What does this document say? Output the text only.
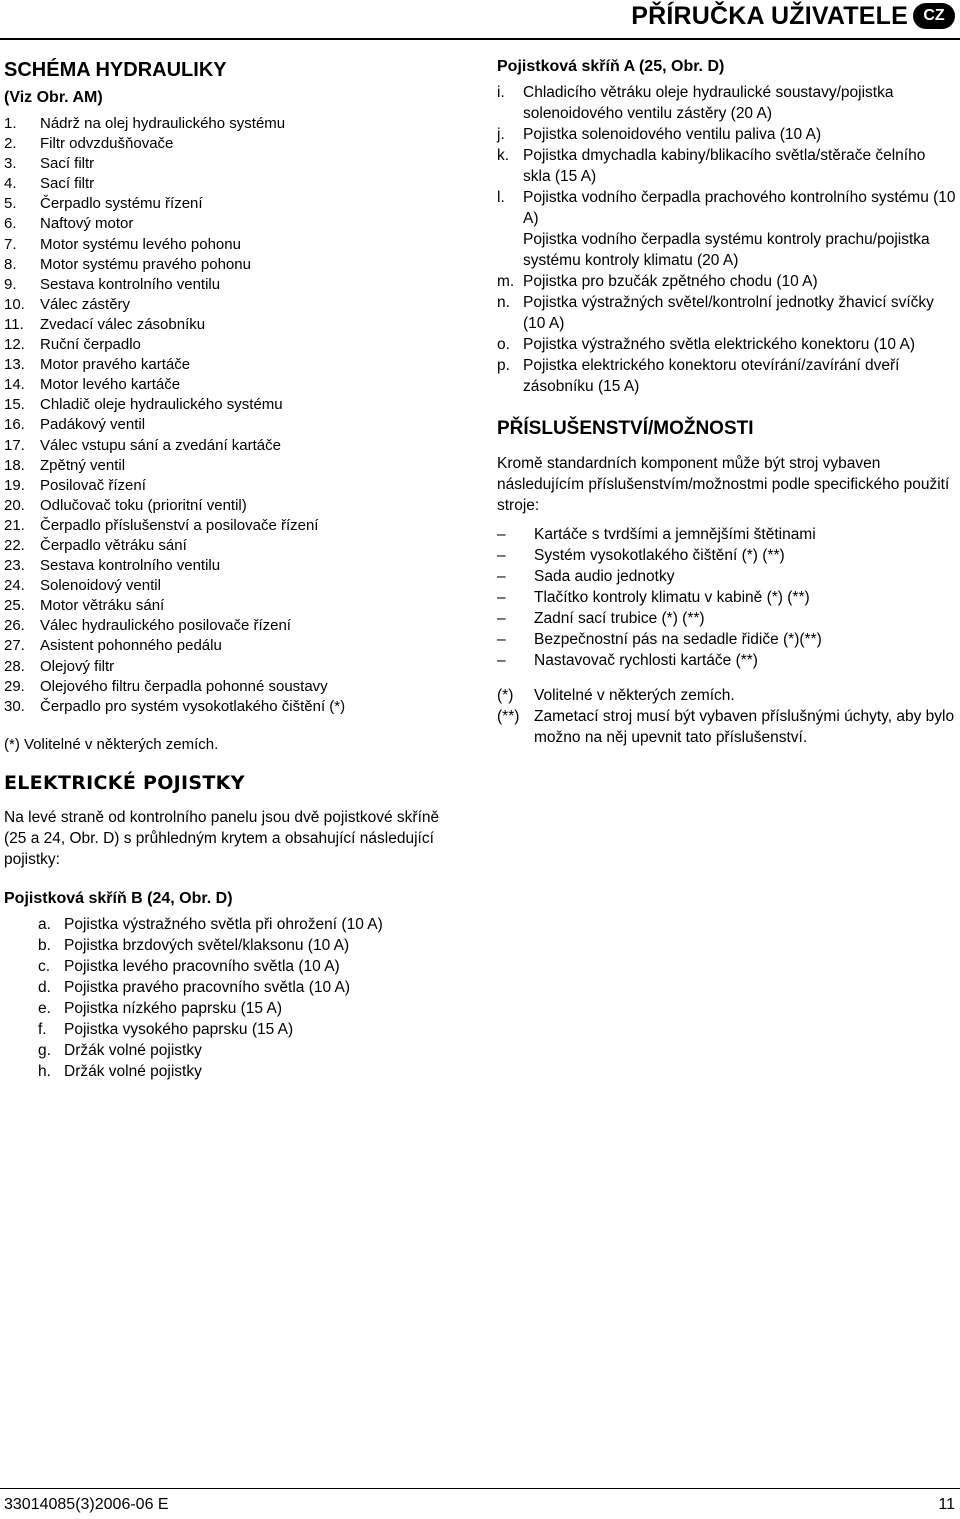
PŘÍRUČKA UŽIVATELE CZ
SCHÉMA HYDRAULIKY
(Viz Obr. AM)
1.	Nádrž na olej hydraulického systému
2.	Filtr odvzdušňovače
3.	Sací filtr
4.	Sací filtr
5.	Čerpadlo systému řízení
6.	Naftový motor
7.	Motor systému levého pohonu
8.	Motor systému pravého pohonu
9.	Sestava kontrolního ventilu
10.	Válec zástěry
11.	Zvedací válec zásobníku
12.	Ruční čerpadlo
13.	Motor pravého kartáče
14.	Motor levého kartáče
15.	Chladič oleje hydraulického systému
16.	Padákový ventil
17.	Válec vstupu sání a zvedání kartáče
18.	Zpětný ventil
19.	Posilovač řízení
20.	Odlučovač toku (prioritní ventil)
21.	Čerpadlo příslušenství a posilovače řízení
22.	Čerpadlo větráku sání
23.	Sestava kontrolního ventilu
24.	Solenoidový ventil
25.	Motor větráku sání
26.	Válec hydraulického posilovače řízení
27.	Asistent pohonného pedálu
28.	Olejový filtr
29.	Olejového filtru čerpadla pohonné soustavy
30.	Čerpadlo pro systém vysokotlakého čištění (*)

(*) Volitelné v některých zemích.

ELEKTRICKÉ POJISTKY

Na levé straně od kontrolního panelu jsou dvě pojistkové skříně (25 a 24, Obr. D) s průhledným krytem a obsahující následující pojistky:

Pojistková skříň B (24, Obr. D)
a. Pojistka výstražného světla při ohrožení (10 A)
b. Pojistka brzdových světel/klaksonu (10 A)
c. Pojistka levého pracovního světla (10 A)
d. Pojistka pravého pracovního světla (10 A)
e. Pojistka nízkého paprsku (15 A)
f.	Pojistka vysokého paprsku (15 A)
g. Držák volné pojistky
h. Držák volné pojistky
Pojistková skříň A (25, Obr. D)
i.	Chladicího větráku oleje hydraulické soustavy/pojistka solenoidového ventilu zástěry (20 A)
j.	Pojistka solenoidového ventilu paliva (10 A)
k. Pojistka dmychadla kabiny/blikacího světla/stěrače čelního skla (15 A)
l.	Pojistka vodního čerpadla prachového kontrolního systému (10 A)
Pojistka vodního čerpadla systému kontroly prachu/pojistka systému kontroly klimatu (20 A)
m. Pojistka pro bzučák zpětného chodu (10 A)
n. Pojistka výstražných světel/kontrolní jednotky žhavicí svíčky (10 A)
o. Pojistka výstražného světla elektrického konektoru (10 A)
p. Pojistka elektrického konektoru otevírání/zavírání dveří zásobníku (15 A)
PŘÍSLUŠENSTVÍ/MOŽNOSTI

Kromě standardních komponent může být stroj vybaven následujícím příslušenstvím/možnostmi podle specifického použití stroje:

–	Kartáče s tvrdšími a jemnějšími štětinami
–	Systém vysokotlakého čištění (*) (**)
–	Sada audio jednotky
–	Tlačítko kontroly klimatu v kabině (*) (**)
–	Zadní sací trubice (*) (**)
–	Bezpečnostní pás na sedadle řidiče (*)(**)
–	Nastavovač rychlosti kartáče (**)
(*)	Volitelné v některých zemích.
(**) Zametací stroj musí být vybaven příslušnými úchyty, aby bylo možno na něj upevnit tato příslušenství.
33014085(3)2006-06 E	11
